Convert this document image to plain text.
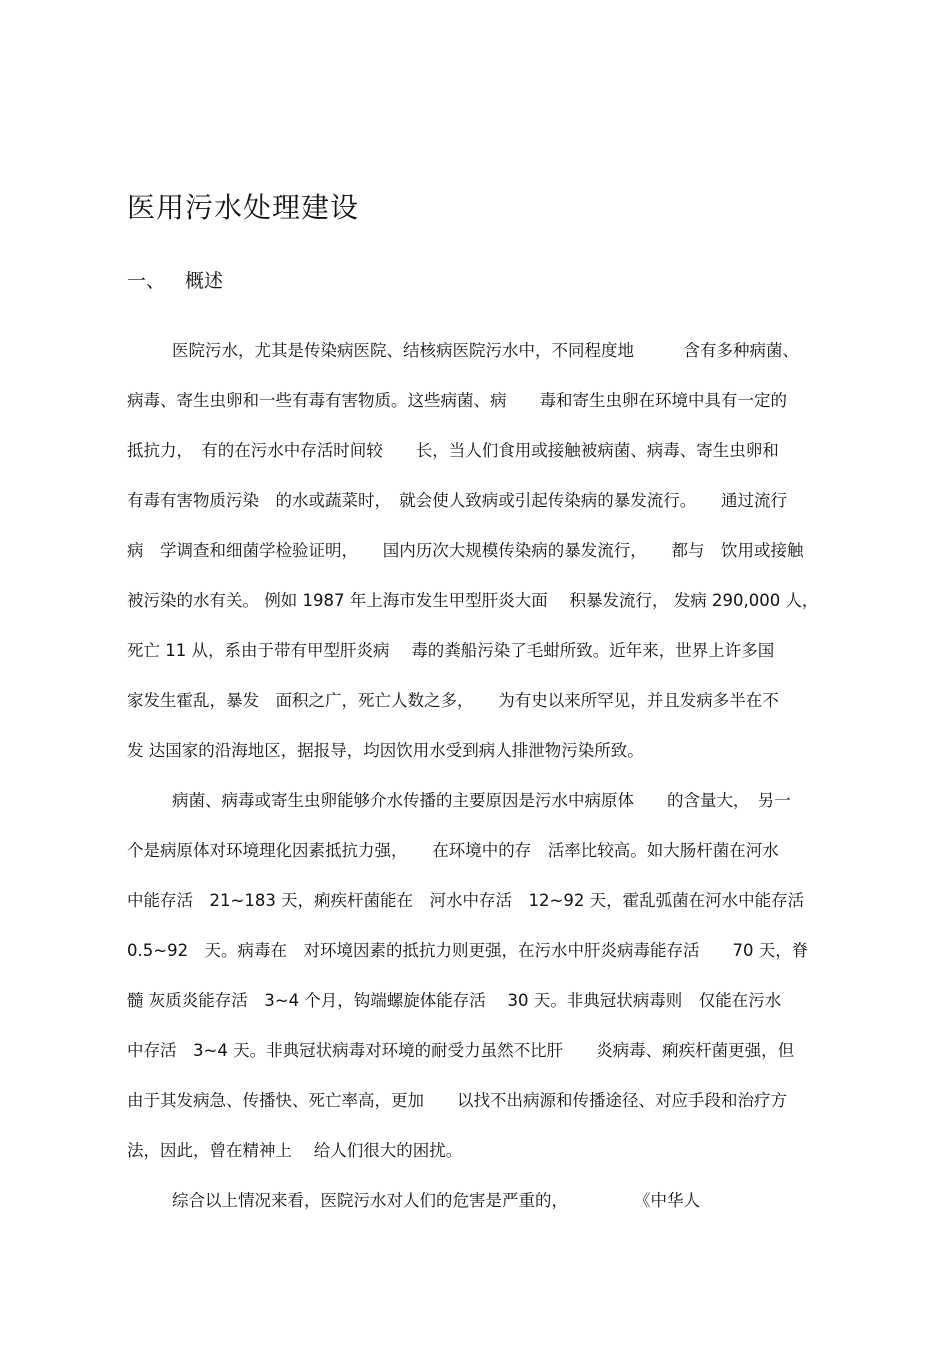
医用污水处理建设
一、 概述
医院污水，尤其是传染病医院、结核病医院污水中，不同程度地　　　含有多种病菌、
病毒、寄生虫卵和一些有毒有害物质。这些病菌、病　　毒和寄生虫卵在环境中具有一定的
抵抗力，　有的在污水中存活时间较　　长，当人们食用或接触被病菌、病毒、寄生虫卵和
有毒有害物质污染　的水或蔬菜时，　就会使人致病或引起传染病的暴发流行。　　通过流行
病　学调查和细菌学检验证明，　　国内历次大规模传染病的暴发流行，　　都与　饮用或接触
被污染的水有关。 例如 1987 年上海市发生甲型肝炎大面　 积暴发流行， 发病 290,000 人，
死亡 11 从，系由于带有甲型肝炎病　 毒的粪船污染了毛蚶所致。近年来，世界上许多国
家发生霍乱，暴发　面积之广，死亡人数之多，　　为有史以来所罕见，并且发病多半在不
发 达国家的沿海地区，据报导，均因饮用水受到病人排泄物污染所致。
病菌、病毒或寄生虫卵能够介水传播的主要原因是污水中病原体　　的含量大，　另一
个是病原体对环境理化因素抵抗力强，　　在环境中的存　活率比较高。如大肠杆菌在河水
中能存活　21~183 天，痢疾杆菌能在　河水中存活　12~92 天，霍乱弧菌在河水中能存活
0.5~92　天。病毒在　对环境因素的抵抗力则更强，在污水中肝炎病毒能存活　　70 天，脊
髓 灰质炎能存活　3~4 个月，钩端螺旋体能存活　 30 天。非典冠状病毒则　仅能在污水
中存活　3~4 天。非典冠状病毒对环境的耐受力虽然不比肝　　炎病毒、痢疾杆菌更强，但
由于其发病急、传播快、死亡率高，更加　　以找不出病源和传播途径、对应手段和治疗方
法，因此，曾在精神上　 给人们很大的困扰。
综合以上情况来看，医院污水对人们的危害是严重的，　　　　　《中华人
